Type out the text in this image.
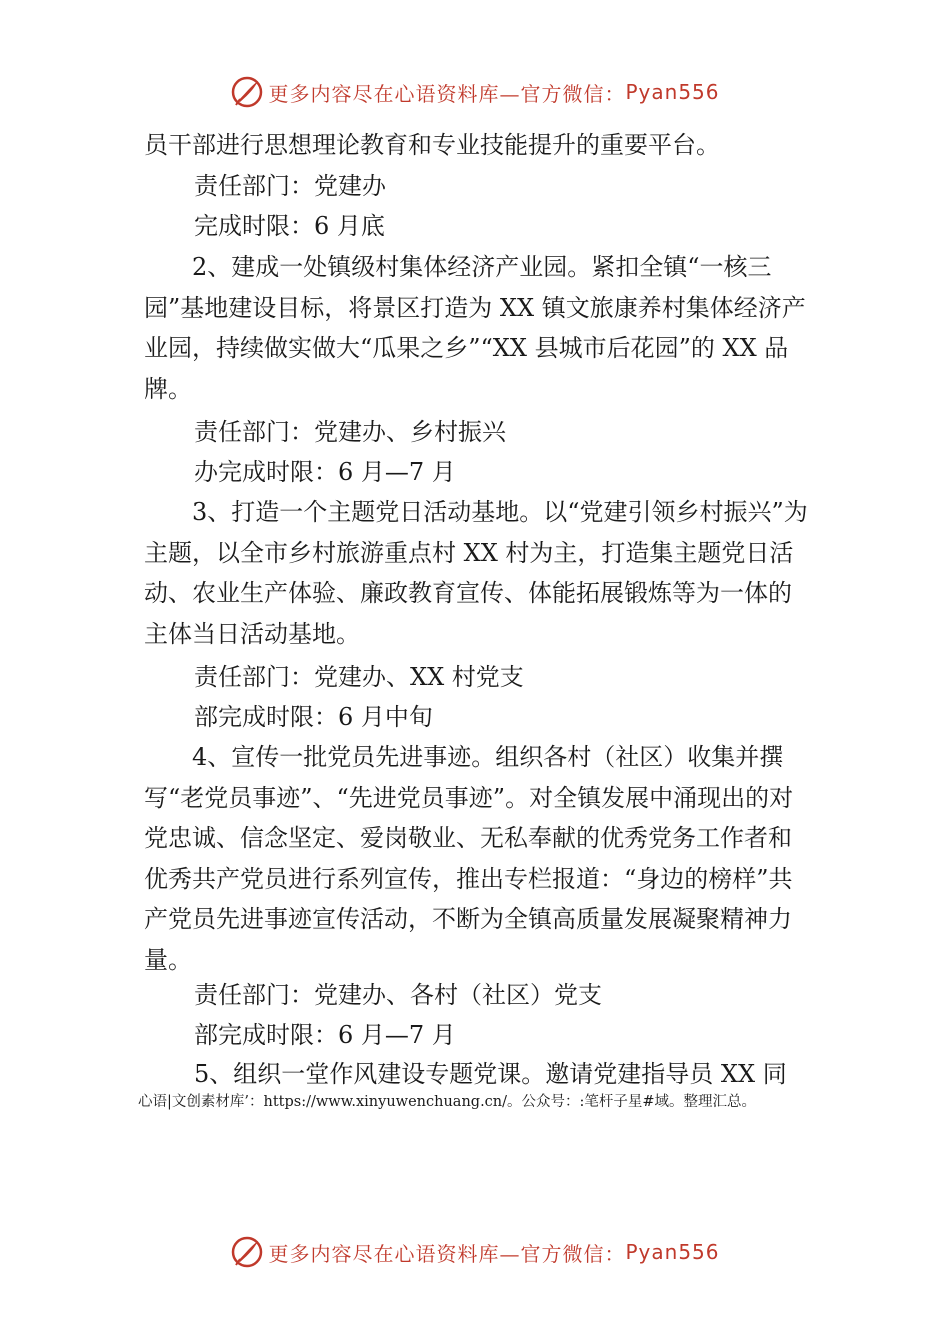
更多内容尽在心语资料库—官方微信： Pyan556
员干部进行思想理论教育和专业技能提升的重要平台。
责任部门：党建办
完成时限：6 月底

2、建成一处镇级村集体经济产业园。紧扣全镇“一核三园”基地建设目标，将景区打造为 XX 镇文旅康养村集体经济产业园，持续做实做大“瓜果之乡”“XX 县城市后花园”的 XX 品牌。

责任部门：党建办、乡村振兴
办完成时限：6 月—7 月

3、打造一个主题党日活动基地。以“党建引领乡村振兴”为主题，以全市乡村旅游重点村 XX 村为主，打造集主题党日活动、农业生产体验、廉政教育宣传、体能拓展锻炼等为一体的主体当日活动基地。

责任部门：党建办、XX 村党支
部完成时限：6 月中旬

4、宣传一批党员先进事迹。组织各村（社区）收集并撰写“老党员事迹”、“先进党员事迹”。对全镇发展中涌现出的对党忠诚、信念坚定、爱岗敬业、无私奉献的优秀党务工作者和优秀共产党员进行系列宣传，推出专栏报道：“身边的榜样”共产党员先进事迹宣传活动，不断为全镇高质量发展凝聚精神力量。

责任部门：党建办、各村（社区）党支
部完成时限：6 月—7 月
5、组织一堂作风建设专题党课。邀请党建指导员 XX 同
心语|文创素材库’：https://www.xinyuwenchuang.cn/。公众号：:笔杆子星#域。整理汇总。
更多内容尽在心语资料库—官方微信： Pyan556
